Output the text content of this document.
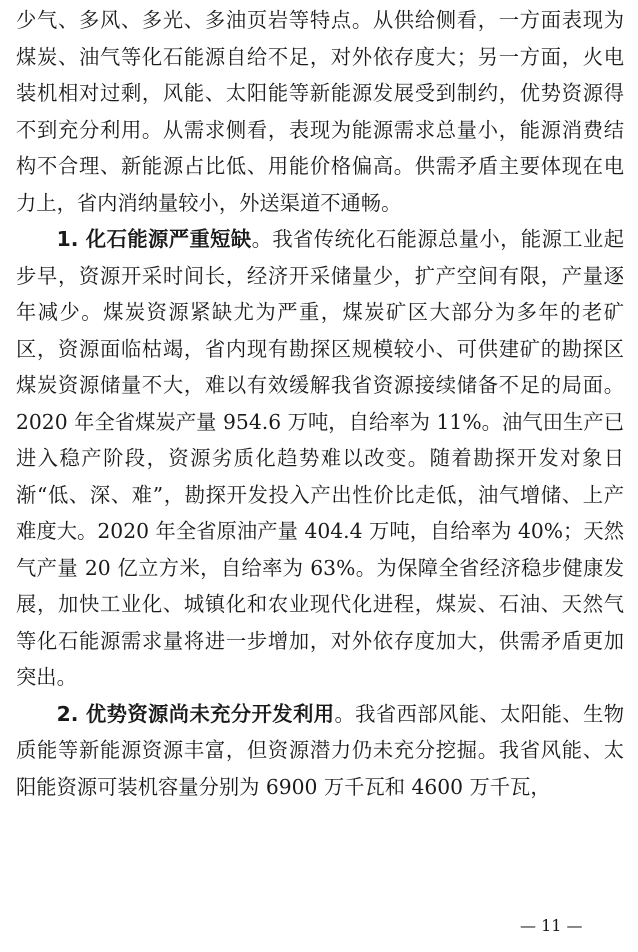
少气、多风、多光、多油页岩等特点。从供给侧看，一方面表现为煤炭、油气等化石能源自给不足，对外依存度大；另一方面，火电装机相对过剩，风能、太阳能等新能源发展受到制约，优势资源得不到充分利用。从需求侧看，表现为能源需求总量小，能源消费结构不合理、新能源占比低、用能价格偏高。供需矛盾主要体现在电力上，省内消纳量较小，外送渠道不通畅。

1. 化石能源严重短缺。我省传统化石能源总量小，能源工业起步早，资源开采时间长，经济开采储量少，扩产空间有限，产量逐年减少。煤炭资源紧缺尤为严重，煤炭矿区大部分为多年的老矿区，资源面临枯竭，省内现有勘探区规模较小、可供建矿的勘探区煤炭资源储量不大，难以有效缓解我省资源接续储备不足的局面。2020 年全省煤炭产量 954.6 万吨，自给率为 11%。油气田生产已进入稳产阶段，资源劣质化趋势难以改变。随着勘探开发对象日渐“低、深、难”，勘探开发投入产出性价比走低，油气增储、上产难度大。2020 年全省原油产量 404.4 万吨，自给率为 40%；天然气产量 20 亿立方米，自给率为 63%。为保障全省经济稳步健康发展，加快工业化、城镇化和农业现代化进程，煤炭、石油、天然气等化石能源需求量将进一步增加，对外依存度加大，供需矛盾更加突出。

2. 优势资源尚未充分开发利用。我省西部风能、太阳能、生物质能等新能源资源丰富，但资源潜力仍未充分挖掘。我省风能、太阳能资源可装机容量分别为 6900 万千瓦和 4600 万千瓦，

— 11 —
